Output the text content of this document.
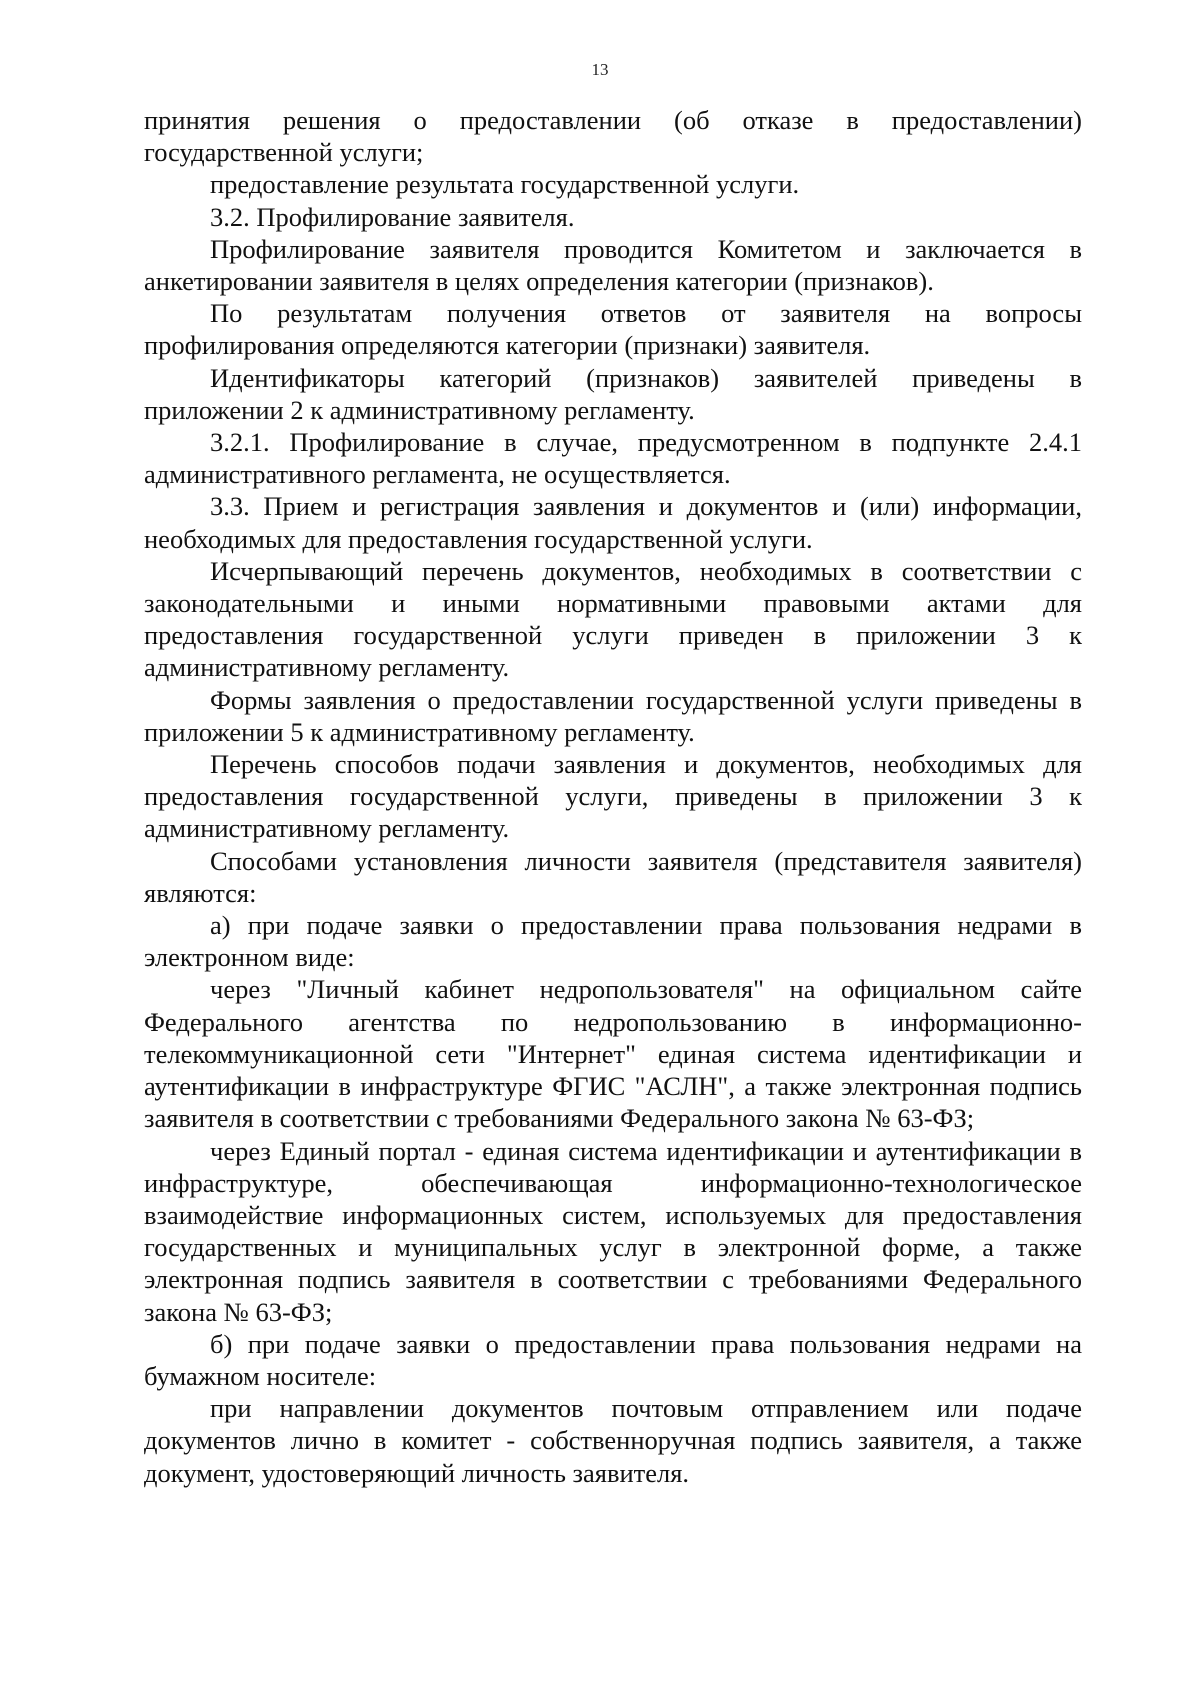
13

принятия решения о предоставлении (об отказе в предоставлении) государственной услуги;

предоставление результата государственной услуги.

3.2. Профилирование заявителя.

Профилирование заявителя проводится Комитетом и заключается в анкетировании заявителя в целях определения категории (признаков).

По результатам получения ответов от заявителя на вопросы профилирования определяются категории (признаки) заявителя.

Идентификаторы категорий (признаков) заявителей приведены в приложении 2 к административному регламенту.

3.2.1. Профилирование в случае, предусмотренном в подпункте 2.4.1 административного регламента, не осуществляется.

3.3. Прием и регистрация заявления и документов и (или) информации, необходимых для предоставления государственной услуги.

Исчерпывающий перечень документов, необходимых в соответствии с законодательными и иными нормативными правовыми актами для предоставления государственной услуги приведен в приложении 3 к административному регламенту.

Формы заявления о предоставлении государственной услуги приведены в приложении 5 к административному регламенту.

Перечень способов подачи заявления и документов, необходимых для предоставления государственной услуги, приведены в приложении 3 к административному регламенту.

Способами установления личности заявителя (представителя заявителя) являются:

а) при подаче заявки о предоставлении права пользования недрами в электронном виде:

через "Личный кабинет недропользователя" на официальном сайте Федерального агентства по недропользованию в информационно-телекоммуникационной сети "Интернет" единая система идентификации и аутентификации в инфраструктуре ФГИС "АСЛН", а также электронная подпись заявителя в соответствии с требованиями Федерального закона № 63-ФЗ;

через Единый портал - единая система идентификации и аутентификации в инфраструктуре, обеспечивающая информационно-технологическое взаимодействие информационных систем, используемых для предоставления государственных и муниципальных услуг в электронной форме, а также электронная подпись заявителя в соответствии с требованиями Федерального закона № 63-ФЗ;

б) при подаче заявки о предоставлении права пользования недрами на бумажном носителе:

при направлении документов почтовым отправлением или подаче документов лично в комитет - собственноручная подпись заявителя, а также документ, удостоверяющий личность заявителя.
